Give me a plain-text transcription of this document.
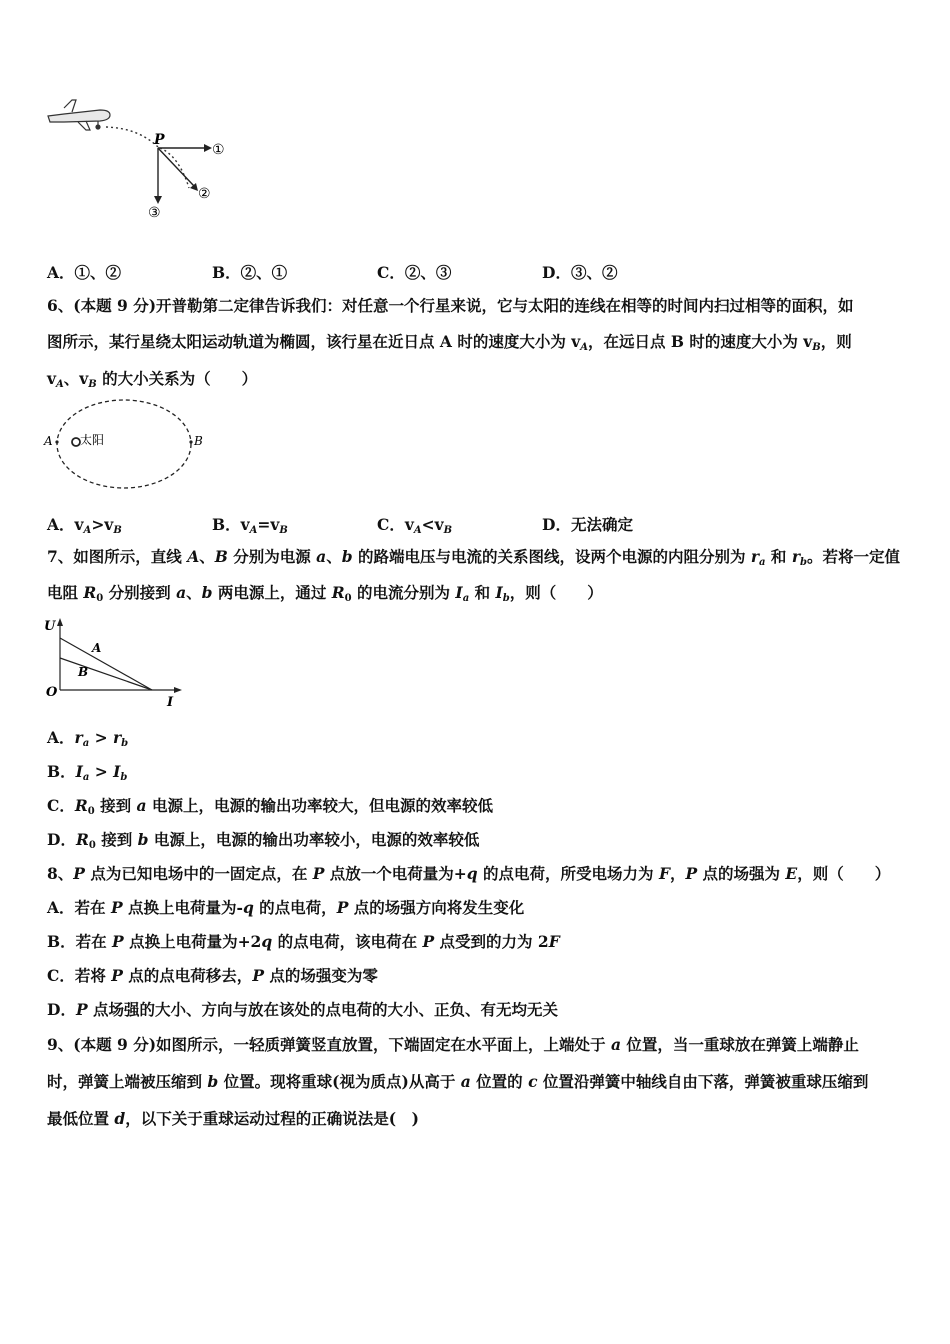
P
①
②
③
A．①、②	B．②、①	C．②、③	D．③、②
6、(本题 9 分)开普勒第二定律告诉我们：对任意一个行星来说，它与太阳的连线在相等的时间内扫过相等的面积，如
图所示，某行星绕太阳运动轨道为椭圆，该行星在近日点 A 时的速度大小为 $v_A$，在远日点 B 时的速度大小为 $v_B$，则
$v_A$、$v_B$ 的大小关系为（　　）
A 太阳	B
A．$v_A>v_B$	B．$v_A=v_B$	C．$v_A<v_B$	D．无法确定
7、如图所示，直线 A、B 分别为电源 a、b 的路端电压与电流的关系图线，设两个电源的内阻分别为 $r_a$ 和 $r_b$。若将一定值
电阻 $R_0$ 分别接到 a、b 两电源上，通过 $R_0$ 的电流分别为 $I_a$ 和 $I_b$，则（　　）
U
O
I
A
B
A．$r_a > r_b$
B．$I_a > I_b$
C．$R_0$ 接到 a 电源上，电源的输出功率较大，但电源的效率较低
D．$R_0$ 接到 b 电源上，电源的输出功率较小，电源的效率较低
8、P 点为已知电场中的一固定点，在 P 点放一个电荷量为+q 的点电荷，所受电场力为 F，P 点的场强为 E，则（　　）
A．若在 P 点换上电荷量为-q 的点电荷，P 点的场强方向将发生变化
B．若在 P 点换上电荷量为+2q 的点电荷，该电荷在 P 点受到的力为 2F
C．若将 P 点的点电荷移去，P 点的场强变为零
D．P 点场强的大小、方向与放在该处的点电荷的大小、正负、有无均无关
9、(本题 9 分)如图所示，一轻质弹簧竖直放置，下端固定在水平面上，上端处于 a 位置，当一重球放在弹簧上端静止
时，弹簧上端被压缩到 b 位置。现将重球(视为质点)从高于 a 位置的 c 位置沿弹簧中轴线自由下落，弹簧被重球压缩到
最低位置 d，以下关于重球运动过程的正确说法是(　)
